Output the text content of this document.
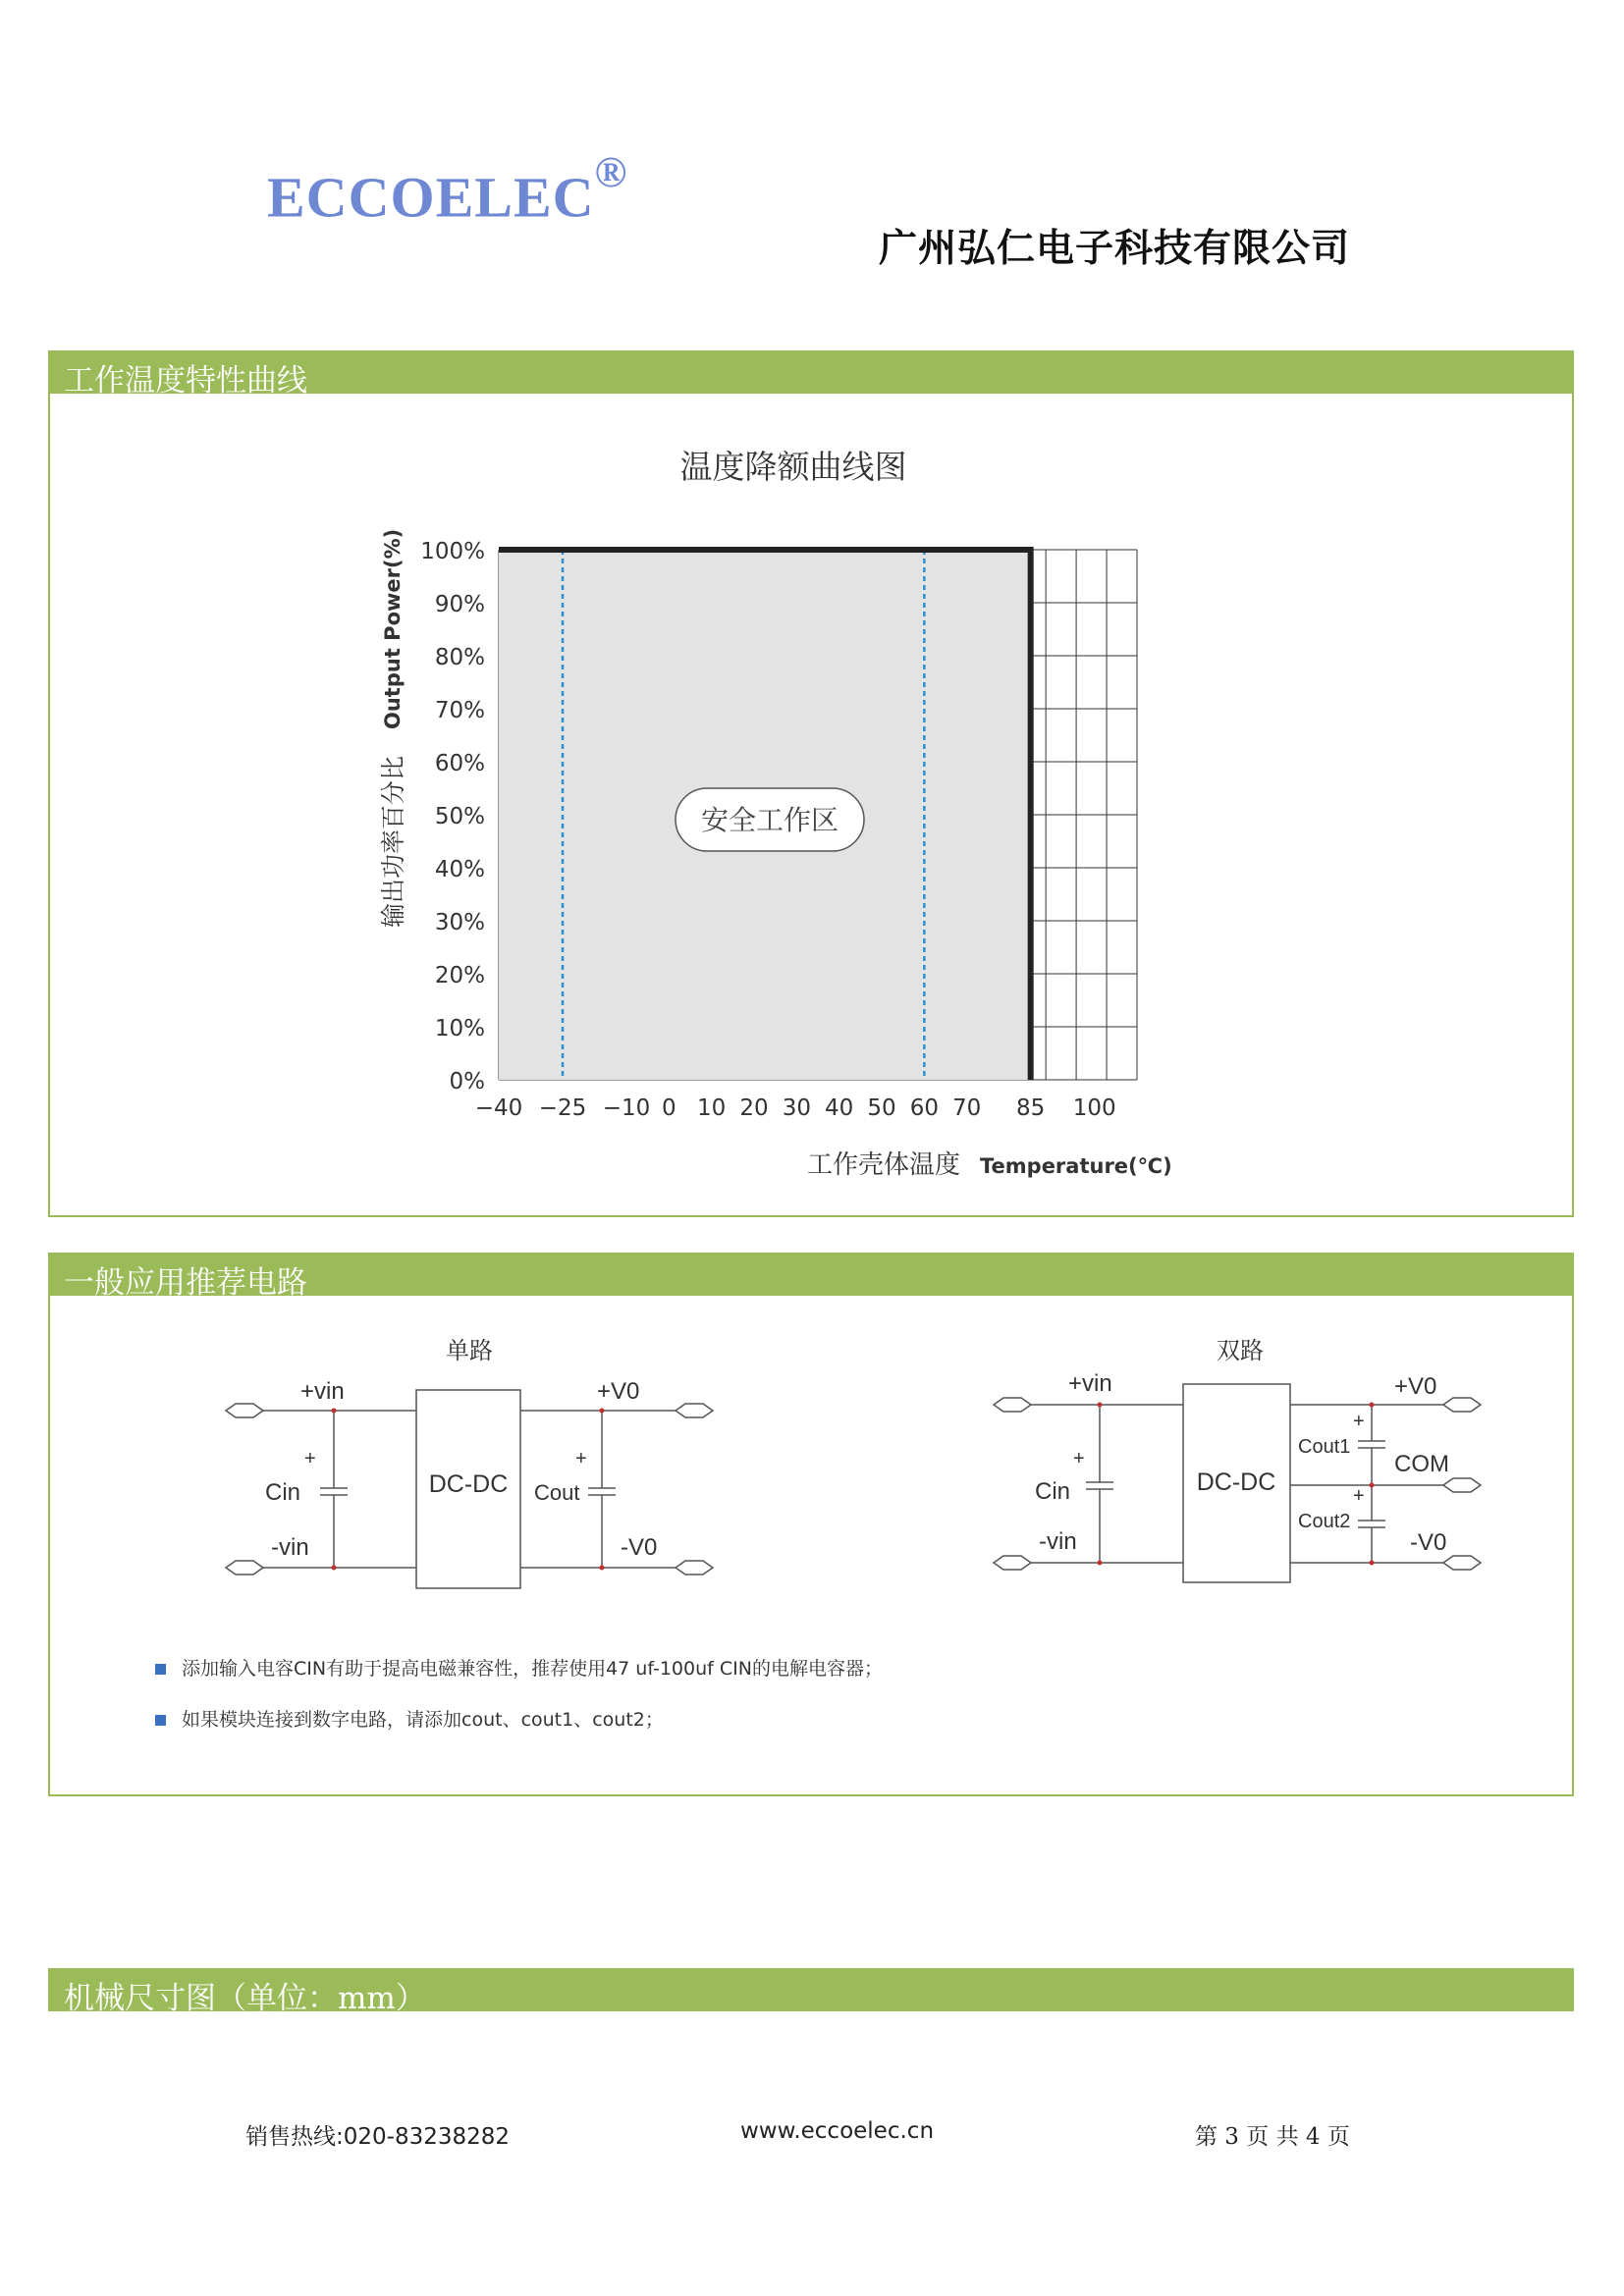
ECCOELEC®
广州弘仁电子科技有限公司
工作温度特性曲线
温度降额曲线图
100%
90%
80%
70%
60%
50%
40%
30%
20%
10%
0%
−40 −25 −10 0 10 20 30 40 50 60 70 85 100
安全工作区
输出功率百分比
Output Power(%)
工作壳体温度 Temperature(℃)
一般应用推荐电路
单路
+vin
-vin
Cin
+
DC-DC Cout
+
+V0
-V0
双路
+vin
-vin
Cin
+
DC-DC
Cout1
+
Cout2
+
COM
+V0
-V0
添加输入电容CIN有助于提高电磁兼容性，推荐使用47 uf-100uf CIN的电解电容器；
如果模块连接到数字电路，请添加cout、cout1、cout2；
机械尺寸图（单位：mm）
销售热线:020-83238282	www.eccoelec.cn	第 3 页 共 4 页
